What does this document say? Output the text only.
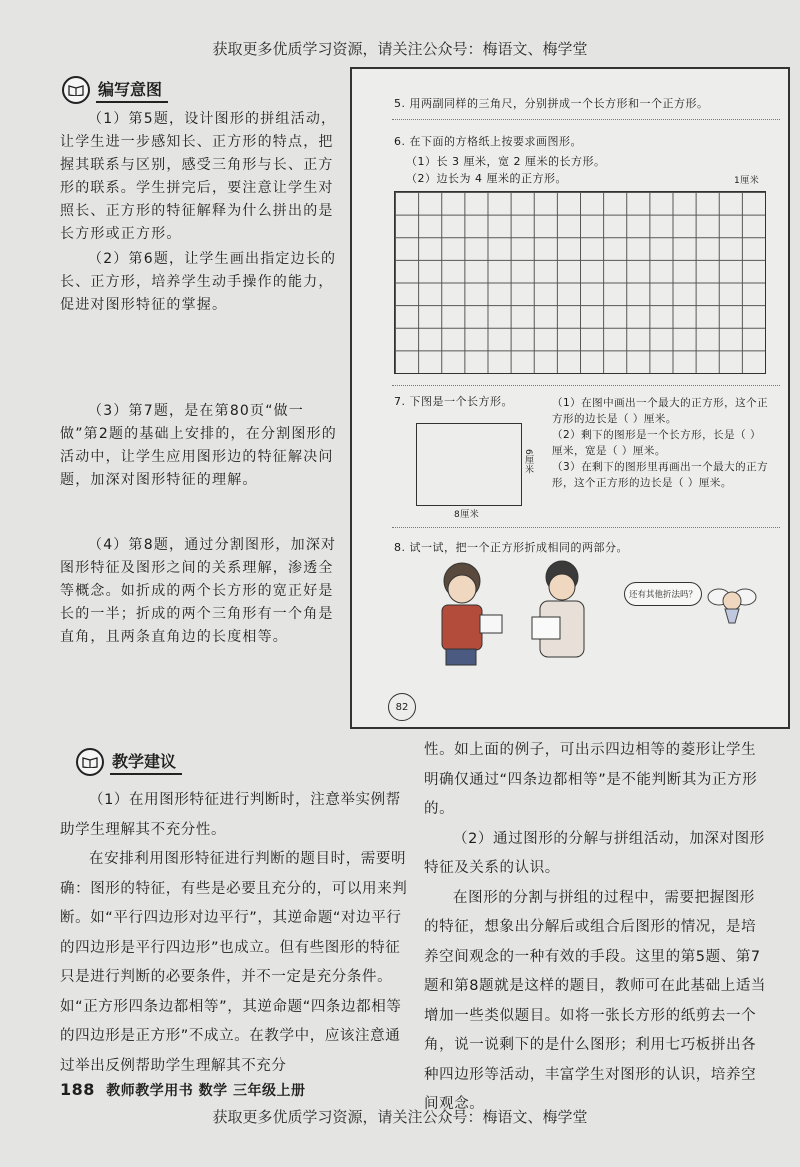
获取更多优质学习资源，请关注公众号：梅语文、梅学堂
编写意图

（1）第5题，设计图形的拼组活动，让学生进一步感知长、正方形的特点，把握其联系与区别，感受三角形与长、正方形的联系。学生拼完后，要注意让学生对照长、正方形的特征解释为什么拼出的是长方形或正方形。

（2）第6题，让学生画出指定边长的长、正方形，培养学生动手操作的能力，促进对图形特征的掌握。

（3）第7题，是在第80页“做一做”第2题的基础上安排的，在分割图形的活动中，让学生应用图形边的特征解决问题，加深对图形特征的理解。

（4）第8题，通过分割图形，加深对图形特征及图形之间的关系理解，渗透全等概念。如折成的两个长方形的宽正好是长的一半；折成的两个三角形有一个角是直角，且两条直角边的长度相等。

5. 用两副同样的三角尺，分别拼成一个长方形和一个正方形。
6. 在下面的方格纸上按要求画图形。
（1）长 3 厘米，宽 2 厘米的长方形。
（2）边长为 4 厘米的正方形。	1厘米
7. 下图是一个长方形。
8厘米
6厘米
（1）在图中画出一个最大的正方形，这个正方形的边长是（ ）厘米。
（2）剩下的图形是一个长方形，长是（ ）厘米，宽是（ ）厘米。
（3）在剩下的图形里再画出一个最大的正方形，这个正方形的边长是（ ）厘米。
8. 试一试，把一个正方形折成相同的两部分。
还有其他折法吗？
82
教学建议

（1）在用图形特征进行判断时，注意举实例帮助学生理解其不充分性。

在安排利用图形特征进行判断的题目时，需要明确：图形的特征，有些是必要且充分的，可以用来判断。如“平行四边形对边平行”，其逆命题“对边平行的四边形是平行四边形”也成立。但有些图形的特征只是进行判断的必要条件，并不一定是充分条件。如“正方形四条边都相等”，其逆命题“四条边都相等的四边形是正方形”不成立。在教学中，应该注意通过举出反例帮助学生理解其不充分

性。如上面的例子，可出示四边相等的菱形让学生明确仅通过“四条边都相等”是不能判断其为正方形的。

（2）通过图形的分解与拼组活动，加深对图形特征及关系的认识。

在图形的分割与拼组的过程中，需要把握图形的特征，想象出分解后或组合后图形的情况，是培养空间观念的一种有效的手段。这里的第5题、第7题和第8题就是这样的题目，教师可在此基础上适当增加一些类似题目。如将一张长方形的纸剪去一个角，说一说剩下的是什么图形；利用七巧板拼出各种四边形等活动，丰富学生对图形的认识，培养空间观念。

188 教师教学用书 数学 三年级上册
获取更多优质学习资源，请关注公众号：梅语文、梅学堂
